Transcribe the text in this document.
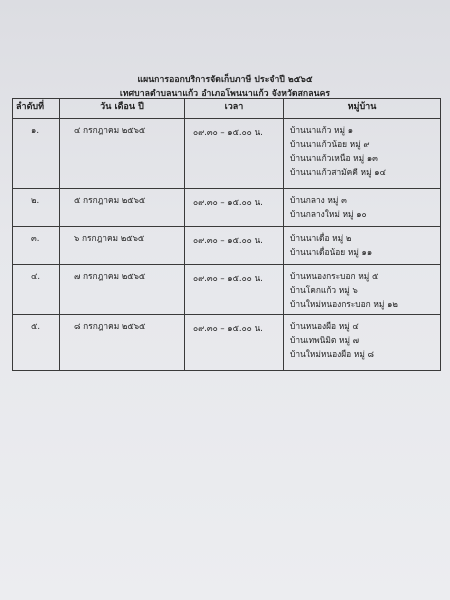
แผนการออกบริการจัดเก็บภาษี ประจำปี ๒๕๖๕
เทศบาลตำบลนาแก้ว อำเภอโพนนาแก้ว จังหวัดสกลนคร
ลำดับที่	วัน เดือน ปี	เวลา	หมู่บ้าน
๑.	๔ กรกฎาคม ๒๕๖๕	๐๙.๓๐ – ๑๕.๐๐ น.	บ้านนาแก้ว หมู่ ๑
บ้านนาแก้วน้อย หมู่ ๙
บ้านนาแก้วเหนือ หมู่ ๑๓
บ้านนาแก้วสามัคคี หมู่ ๑๔

๒.	๕ กรกฎาคม ๒๕๖๕	๐๙.๓๐ – ๑๕.๐๐ น.	บ้านกลาง หมู่ ๓
บ้านกลางใหม่ หมู่ ๑๐

๓.	๖ กรกฎาคม ๒๕๖๕	๐๙.๓๐ – ๑๕.๐๐ น.	บ้านนาเดื่อ หมู่ ๒
บ้านนาเดื่อน้อย หมู่ ๑๑

๔.	๗ กรกฎาคม ๒๕๖๕	๐๙.๓๐ – ๑๕.๐๐ น.	บ้านหนองกระบอก หมู่ ๕
บ้านโคกแก้ว หมู่ ๖
บ้านใหม่หนองกระบอก หมู่ ๑๒

๕.	๘ กรกฎาคม ๒๕๖๕	๐๙.๓๐ – ๑๕.๐๐ น.	บ้านหนองผือ หมู่ ๔
บ้านเทพนิมิต หมู่ ๗
บ้านใหม่หนองผือ หมู่ ๘
